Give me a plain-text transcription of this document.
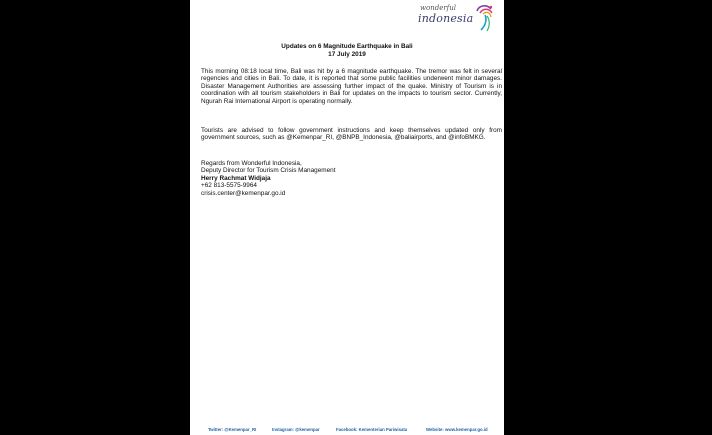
wonderful
indonesia
Updates on 6 Magnitude Earthquake in Bali
17 July 2019

This morning 08:18 local time, Bali was hit by a 6 magnitude earthquake. The tremor was felt in several regencies and cities in Bali. To date, it is reported that some public facilities underwent minor damages. Disaster Management Authorities are assessing further impact of the quake. Ministry of Tourism is in coordination with all tourism stakeholders in Bali for updates on the impacts to tourism sector. Currently, Ngurah Rai International Airport is operating normally.

Tourists are advised to follow government instructions and keep themselves updated only from government sources, such as @Kemenpar_RI, @BNPB_Indonesia, @baliairports, and @infoBMKG.

Regards from Wonderful Indonesia,
Deputy Director for Tourism Crisis Management
Herry Rachmat Widjaja
+62 813-5575-9964
crisis.center@kemenpar.go.id
Twitter: @Kemenpar_RI	Instagram: @kemenpar	Facebook: Kementerian Pariwisata	Website: www.kemenpar.go.id
